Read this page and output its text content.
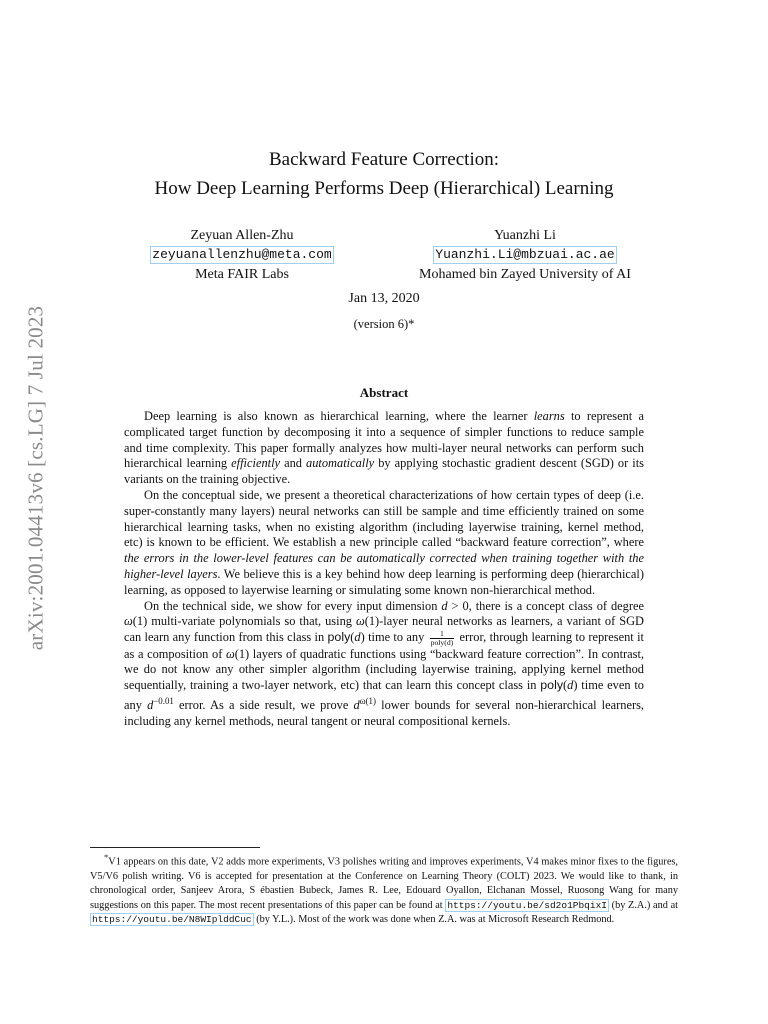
arXiv:2001.04413v6 [cs.LG] 7 Jul 2023
Backward Feature Correction:
How Deep Learning Performs Deep (Hierarchical) Learning
Zeyuan Allen-Zhu
zeyuanallenzhu@meta.com
Meta FAIR Labs
Yuanzhi Li
Yuanzhi.Li@mbzuai.ac.ae
Mohamed bin Zayed University of AI
Jan 13, 2020
(version 6)*
Abstract

Deep learning is also known as hierarchical learning, where the learner learns to represent a complicated target function by decomposing it into a sequence of simpler functions to reduce sample and time complexity. This paper formally analyzes how multi-layer neural networks can perform such hierarchical learning efficiently and automatically by applying stochastic gradient descent (SGD) or its variants on the training objective.

On the conceptual side, we present a theoretical characterizations of how certain types of deep (i.e. super-constantly many layers) neural networks can still be sample and time efficiently trained on some hierarchical learning tasks, when no existing algorithm (including layerwise training, kernel method, etc) is known to be efficient. We establish a new principle called “backward feature correction”, where the errors in the lower-level features can be automatically corrected when training together with the higher-level layers. We believe this is a key behind how deep learning is performing deep (hierarchical) learning, as opposed to layerwise learning or simulating some known non-hierarchical method.

On the technical side, we show for every input dimension d > 0, there is a concept class of degree ω(1) multi-variate polynomials so that, using ω(1)-layer neural networks as learners, a variant of SGD can learn any function from this class in poly(d) time to any	1
poly(d) error, through learning to represent it as a composition of ω(1) layers of quadratic functions using “backward feature correction”. In contrast, we do not know any other simpler algorithm (including layerwise training, applying kernel method sequentially, training a two-layer network, etc) that can learn this concept class in poly(d) time even to any $d^{-0.01}$ error. As a side result, we prove $d^{\omega(1)}$ lower bounds for several non-hierarchical learners, including any kernel methods, neural tangent or neural compositional kernels.

*V1 appears on this date, V2 adds more experiments, V3 polishes writing and improves experiments, V4 makes minor fixes to the figures, V5/V6 polish writing. V6 is accepted for presentation at the Conference on Learning Theory (COLT) 2023. We would like to thank, in chronological order, Sanjeev Arora, S ébastien Bubeck, James R. Lee, Edouard Oyallon, Elchanan Mossel, Ruosong Wang for many suggestions on this paper. The most recent presentations of this paper can be found at https://youtu.be/sd2o1PbqixI (by Z.A.) and at https://youtu.be/N8WIplddCuc (by Y.L.). Most of the work was done when Z.A. was at Microsoft Research Redmond.
